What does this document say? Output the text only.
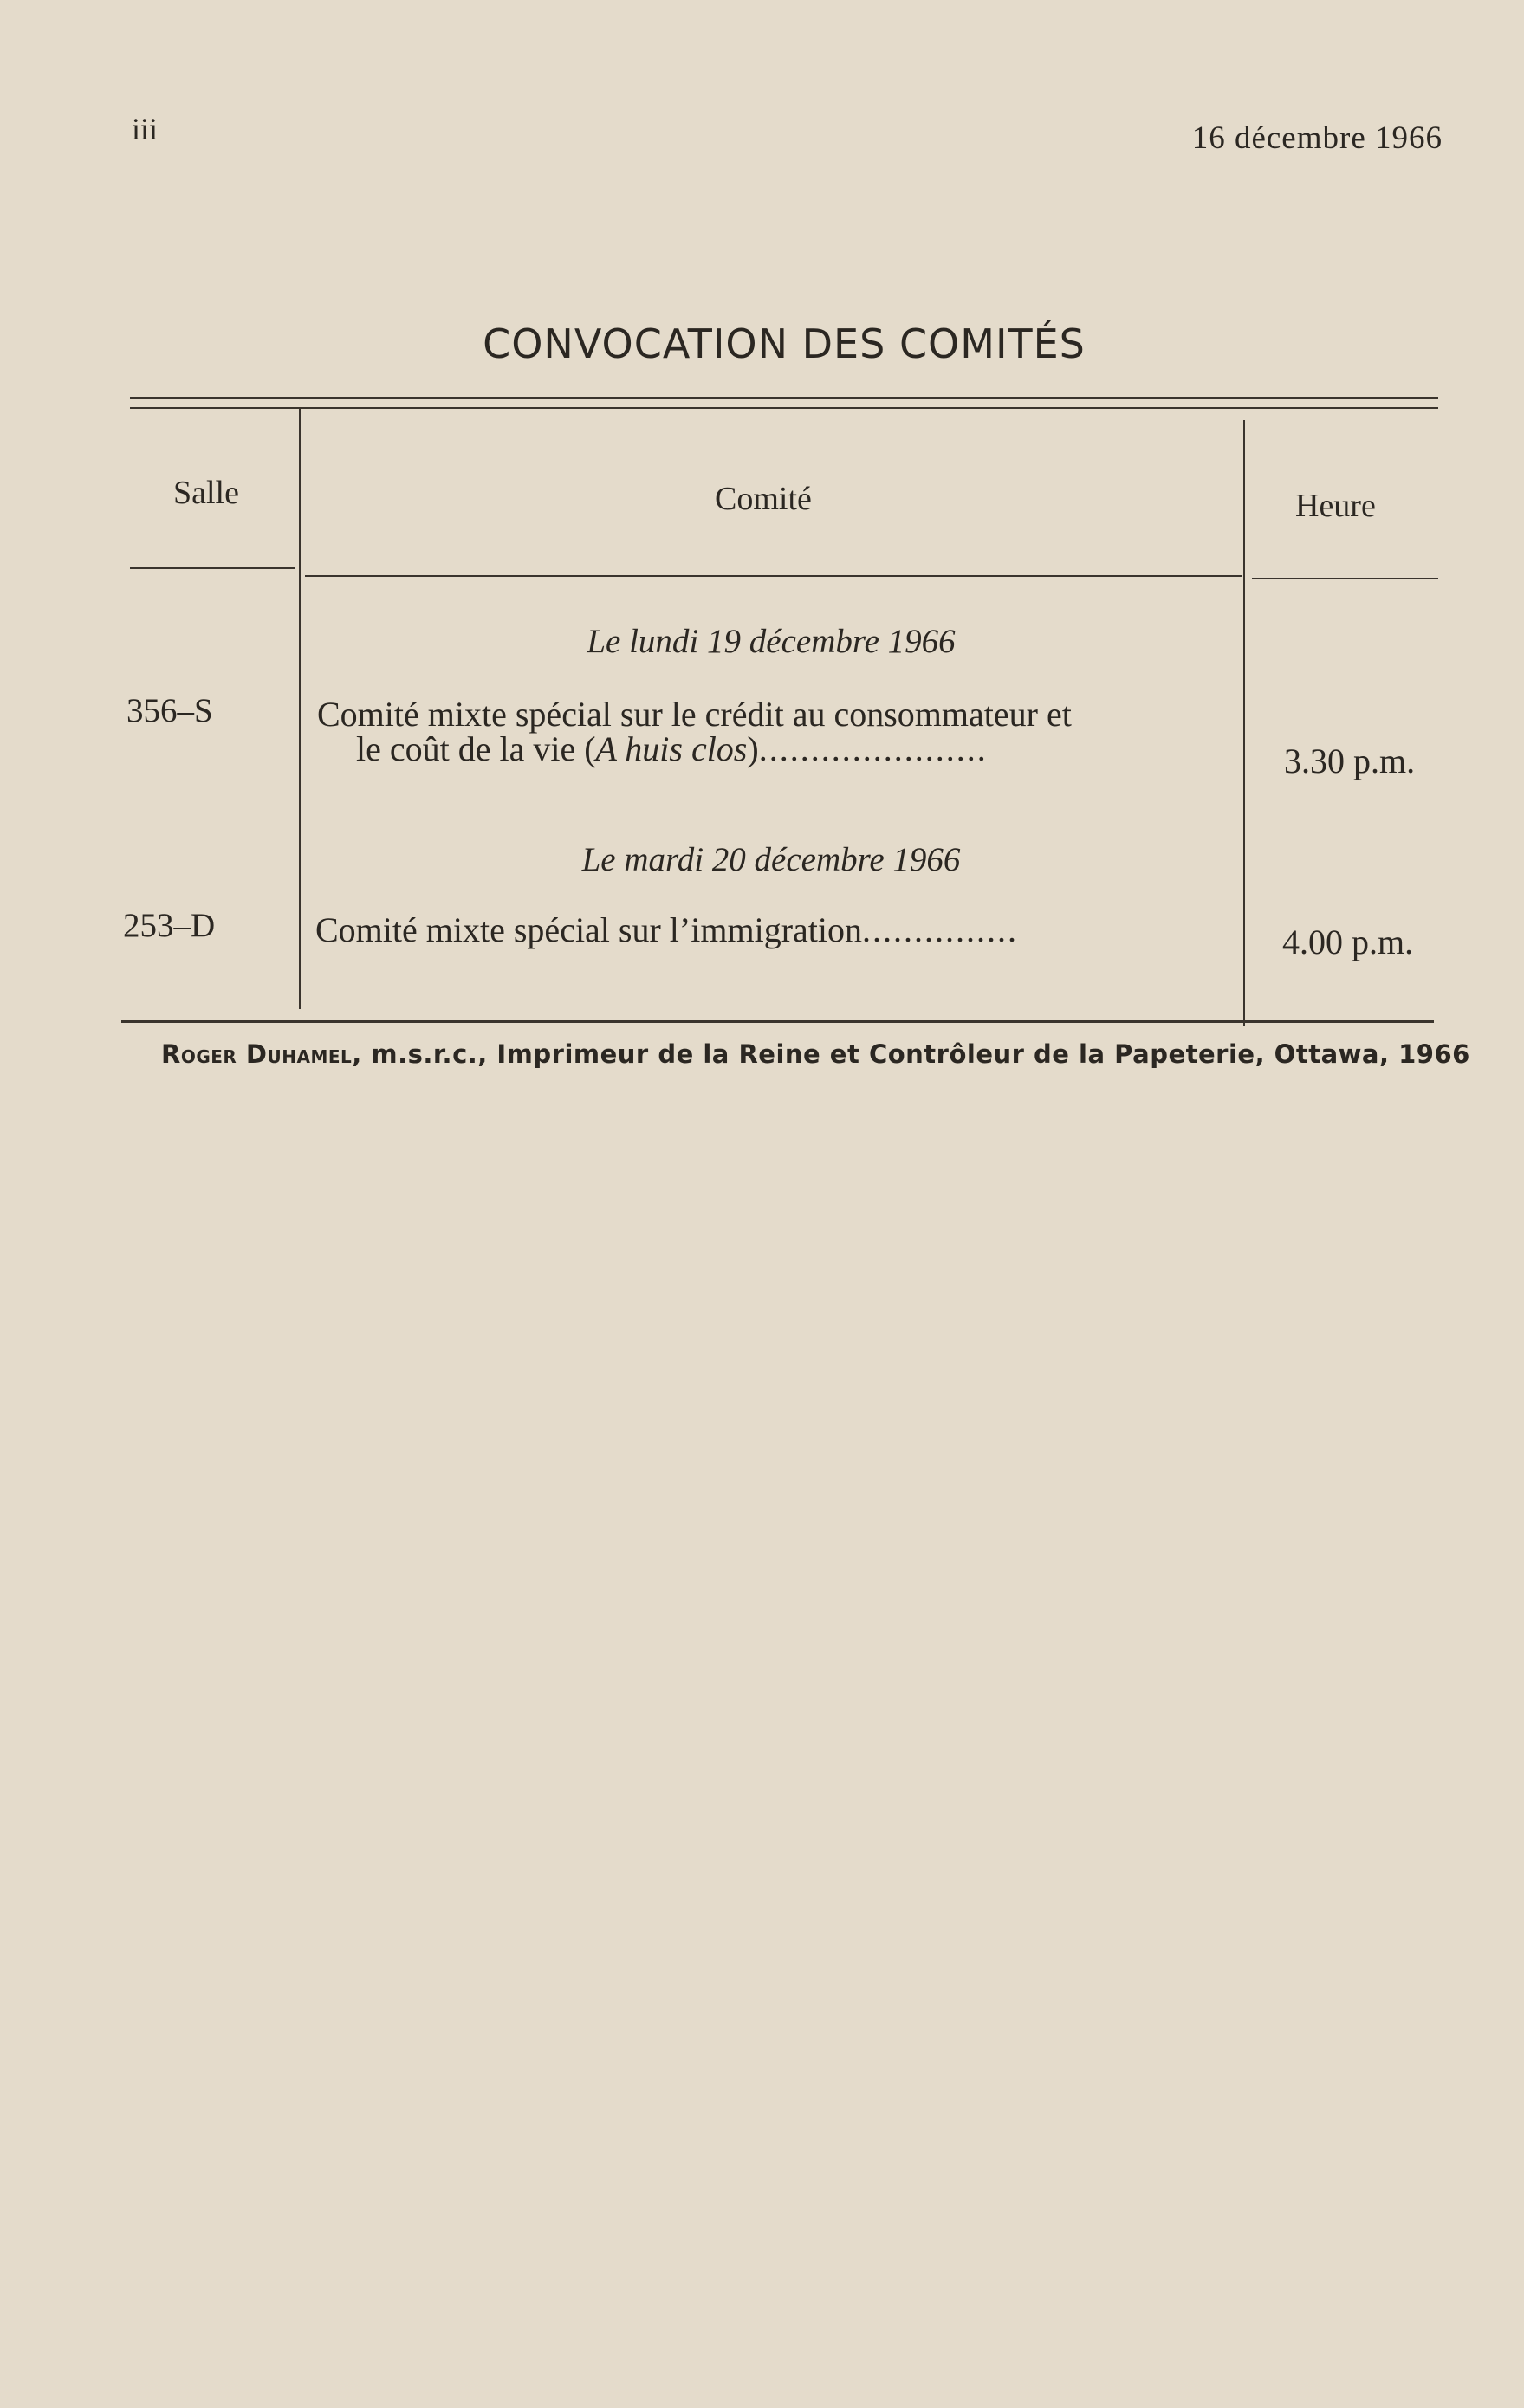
iii	16 décembre 1966
CONVOCATION DES COMITÉS
Salle	Comité	Heure
Le lundi 19 décembre 1966
356–S	Comité mixte spécial sur le crédit au consommateur et
le coût de la vie (A huis clos)......................	3.30 p.m.
Le mardi 20 décembre 1966
253–D	Comité mixte spécial sur l’immigration...............	4.00 p.m.
Roger Duhamel, m.s.r.c., Imprimeur de la Reine et Contrôleur de la Papeterie, Ottawa, 1966
